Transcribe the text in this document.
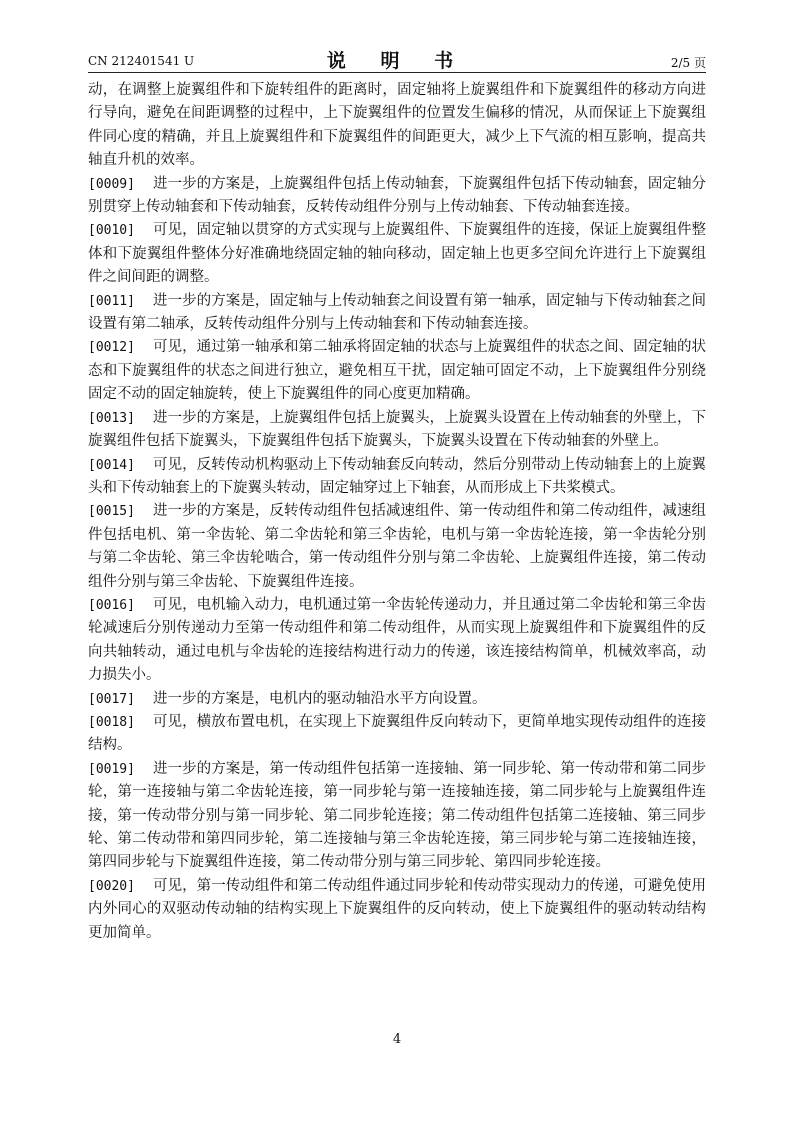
CN 212401541 U	说 明 书	2/5 页

动，在调整上旋翼组件和下旋转组件的距离时，固定轴将上旋翼组件和下旋翼组件的移动方向进行导向，避免在间距调整的过程中，上下旋翼组件的位置发生偏移的情况，从而保证上下旋翼组件同心度的精确，并且上旋翼组件和下旋翼组件的间距更大，减少上下气流的相互影响，提高共轴直升机的效率。

[0009] 进一步的方案是，上旋翼组件包括上传动轴套，下旋翼组件包括下传动轴套，固定轴分别贯穿上传动轴套和下传动轴套，反转传动组件分别与上传动轴套、下传动轴套连接。

[0010] 可见，固定轴以贯穿的方式实现与上旋翼组件、下旋翼组件的连接，保证上旋翼组件整体和下旋翼组件整体分好准确地绕固定轴的轴向移动，固定轴上也更多空间允许进行上下旋翼组件之间间距的调整。

[0011] 进一步的方案是，固定轴与上传动轴套之间设置有第一轴承，固定轴与下传动轴套之间设置有第二轴承，反转传动组件分别与上传动轴套和下传动轴套连接。

[0012] 可见，通过第一轴承和第二轴承将固定轴的状态与上旋翼组件的状态之间、固定轴的状态和下旋翼组件的状态之间进行独立，避免相互干扰，固定轴可固定不动，上下旋翼组件分别绕固定不动的固定轴旋转，使上下旋翼组件的同心度更加精确。

[0013] 进一步的方案是，上旋翼组件包括上旋翼头，上旋翼头设置在上传动轴套的外壁上，下旋翼组件包括下旋翼头，下旋翼组件包括下旋翼头，下旋翼头设置在下传动轴套的外壁上。

[0014] 可见，反转传动机构驱动上下传动轴套反向转动，然后分别带动上传动轴套上的上旋翼头和下传动轴套上的下旋翼头转动，固定轴穿过上下轴套，从而形成上下共桨模式。

[0015] 进一步的方案是，反转传动组件包括减速组件、第一传动组件和第二传动组件，减速组件包括电机、第一伞齿轮、第二伞齿轮和第三伞齿轮，电机与第一伞齿轮连接，第一伞齿轮分别与第二伞齿轮、第三伞齿轮啮合，第一传动组件分别与第二伞齿轮、上旋翼组件连接，第二传动组件分别与第三伞齿轮、下旋翼组件连接。

[0016] 可见，电机输入动力，电机通过第一伞齿轮传递动力，并且通过第二伞齿轮和第三伞齿轮减速后分别传递动力至第一传动组件和第二传动组件，从而实现上旋翼组件和下旋翼组件的反向共轴转动，通过电机与伞齿轮的连接结构进行动力的传递，该连接结构简单，机械效率高，动力损失小。

[0017] 进一步的方案是，电机内的驱动轴沿水平方向设置。

[0018] 可见，横放布置电机，在实现上下旋翼组件反向转动下，更简单地实现传动组件的连接结构。

[0019] 进一步的方案是，第一传动组件包括第一连接轴、第一同步轮、第一传动带和第二同步轮，第一连接轴与第二伞齿轮连接，第一同步轮与第一连接轴连接，第二同步轮与上旋翼组件连接，第一传动带分别与第一同步轮、第二同步轮连接；第二传动组件包括第二连接轴、第三同步轮、第二传动带和第四同步轮，第二连接轴与第三伞齿轮连接，第三同步轮与第二连接轴连接，第四同步轮与下旋翼组件连接，第二传动带分别与第三同步轮、第四同步轮连接。

[0020] 可见，第一传动组件和第二传动组件通过同步轮和传动带实现动力的传递，可避免使用内外同心的双驱动传动轴的结构实现上下旋翼组件的反向转动，使上下旋翼组件的驱动转动结构更加简单。

4
